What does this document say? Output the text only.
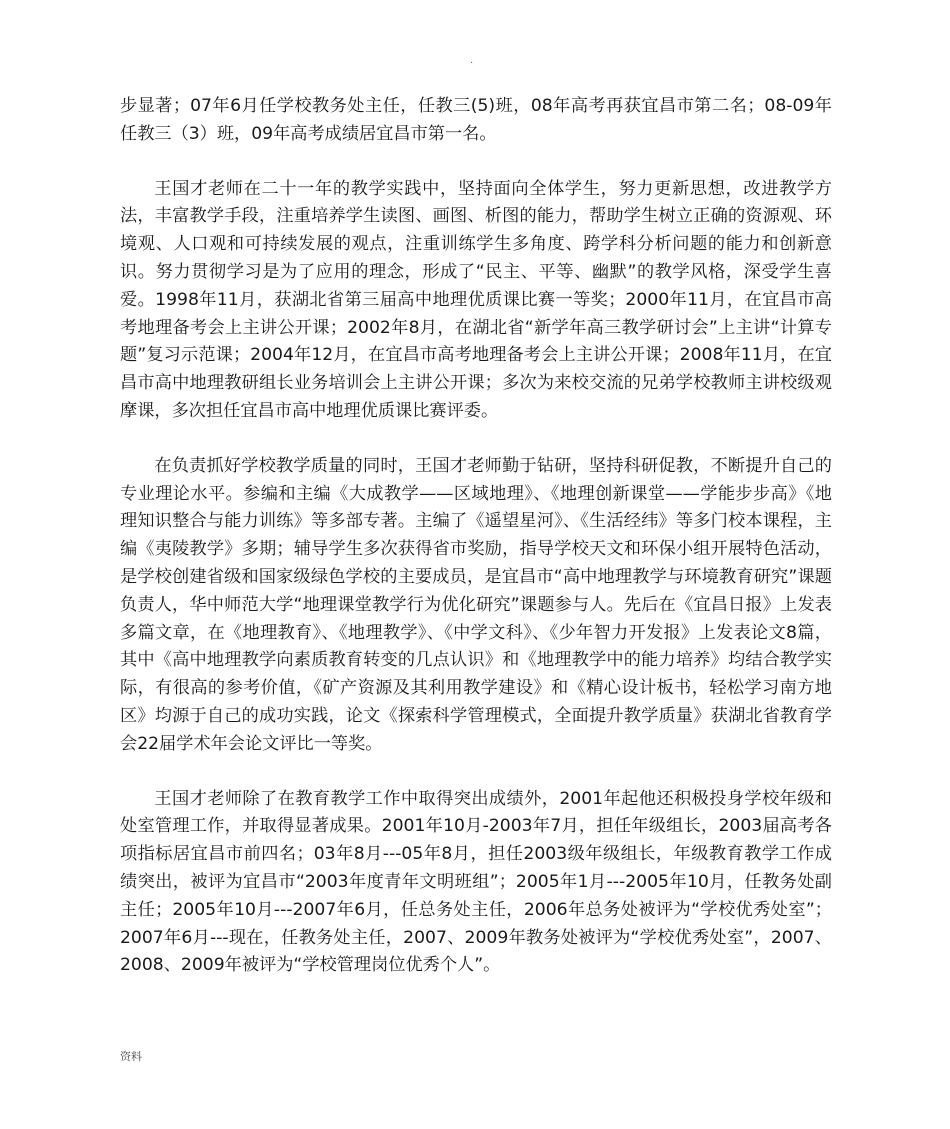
·

步显著；07年6月任学校教务处主任，任教三(5)班，08年高考再获宜昌市第二名；08-09年任教三（3）班，09年高考成绩居宜昌市第一名。

王国才老师在二十一年的教学实践中，坚持面向全体学生，努力更新思想，改进教学方法，丰富教学手段，注重培养学生读图、画图、析图的能力，帮助学生树立正确的资源观、环境观、人口观和可持续发展的观点，注重训练学生多角度、跨学科分析问题的能力和创新意识。努力贯彻学习是为了应用的理念，形成了“民主、平等、幽默”的教学风格，深受学生喜爱。1998年11月，获湖北省第三届高中地理优质课比赛一等奖；2000年11月，在宜昌市高考地理备考会上主讲公开课；2002年8月，在湖北省“新学年高三教学研讨会”上主讲“计算专题”复习示范课；2004年12月，在宜昌市高考地理备考会上主讲公开课；2008年11月，在宜昌市高中地理教研组长业务培训会上主讲公开课；多次为来校交流的兄弟学校教师主讲校级观摩课，多次担任宜昌市高中地理优质课比赛评委。

在负责抓好学校教学质量的同时，王国才老师勤于钻研，坚持科研促教，不断提升自己的专业理论水平。参编和主编《大成教学——区域地理》、《地理创新课堂——学能步步高》《地理知识整合与能力训练》等多部专著。主编了《遥望星河》、《生活经纬》等多门校本课程，主编《夷陵教学》多期；辅导学生多次获得省市奖励，指导学校天文和环保小组开展特色活动，是学校创建省级和国家级绿色学校的主要成员，是宜昌市“高中地理教学与环境教育研究”课题负责人，华中师范大学“地理课堂教学行为优化研究”课题参与人。先后在《宜昌日报》上发表多篇文章，在《地理教育》、《地理教学》、《中学文科》、《少年智力开发报》上发表论文8篇，其中《高中地理教学向素质教育转变的几点认识》和《地理教学中的能力培养》均结合教学实际，有很高的参考价值，《矿产资源及其利用教学建设》和《精心设计板书，轻松学习南方地区》均源于自己的成功实践，论文《探索科学管理模式，全面提升教学质量》获湖北省教育学会22届学术年会论文评比一等奖。

王国才老师除了在教育教学工作中取得突出成绩外，2001年起他还积极投身学校年级和处室管理工作，并取得显著成果。2001年10月-2003年7月，担任年级组长，2003届高考各项指标居宜昌市前四名；03年8月---05年8月，担任2003级年级组长，年级教育教学工作成绩突出，被评为宜昌市“2003年度青年文明班组”；2005年1月---2005年10月，任教务处副主任；2005年10月---2007年6月，任总务处主任，2006年总务处被评为“学校优秀处室”；2007年6月---现在，任教务处主任，2007、2009年教务处被评为“学校优秀处室”，2007、2008、2009年被评为“学校管理岗位优秀个人”。

资料
